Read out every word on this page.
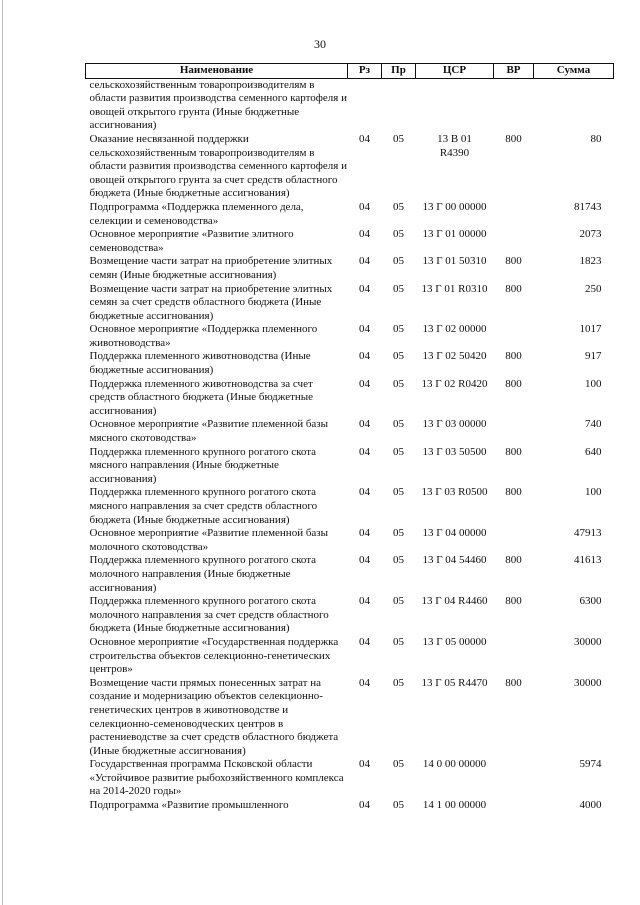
30
Наименование	Рз	Пр	ЦСР	ВР	Сумма
сельскохозяйственным товаропроизводителям в области развития производства семенного картофеля и овощей открытого грунта (Иные бюджетные ассигнования)					
Оказание несвязанной поддержки сельскохозяйственным товаропроизводителям в области развития производства семенного картофеля и овощей открытого грунта за счет средств областного бюджета (Иные бюджетные ассигнования)	04	05	13 В 01 R4390	800	80
Подпрограмма «Поддержка племенного дела, селекции и семеноводства»	04	05	13 Г 00 00000		81743
Основное мероприятие «Развитие элитного семеноводства»	04	05	13 Г 01 00000		2073
Возмещение части затрат на приобретение элитных семян (Иные бюджетные ассигнования)	04	05	13 Г 01 50310	800	1823
Возмещение части затрат на приобретение элитных семян за счет средств областного бюджета (Иные бюджетные ассигнования)	04	05	13 Г 01 R0310	800	250
Основное мероприятие «Поддержка племенного животноводства»	04	05	13 Г 02 00000		1017
Поддержка племенного животноводства (Иные бюджетные ассигнования)	04	05	13 Г 02 50420	800	917
Поддержка племенного животноводства за счет средств областного бюджета (Иные бюджетные ассигнования)	04	05	13 Г 02 R0420	800	100
Основное мероприятие «Развитие племенной базы мясного скотоводства»	04	05	13 Г 03 00000		740
Поддержка племенного крупного рогатого скота мясного направления (Иные бюджетные ассигнования)	04	05	13 Г 03 50500	800	640
Поддержка племенного крупного рогатого скота мясного направления за счет средств областного бюджета (Иные бюджетные ассигнования)	04	05	13 Г 03 R0500	800	100
Основное мероприятие «Развитие племенной базы молочного скотоводства»	04	05	13 Г 04 00000		47913
Поддержка племенного крупного рогатого скота молочного направления (Иные бюджетные ассигнования)	04	05	13 Г 04 54460	800	41613
Поддержка племенного крупного рогатого скота молочного направления за счет средств областного бюджета (Иные бюджетные ассигнования)	04	05	13 Г 04 R4460	800	6300
Основное мероприятие «Государственная поддержка строительства объектов селекционно-генетических центров»	04	05	13 Г 05 00000		30000
Возмещение части прямых понесенных затрат на создание и модернизацию объектов селекционно-генетических центров в животноводстве и селекционно-семеноводческих центров в растениеводстве за счет средств областного бюджета (Иные бюджетные ассигнования)	04	05	13 Г 05 R4470	800	30000
Государственная программа Псковской области «Устойчивое развитие рыбохозяйственного комплекса на 2014-2020 годы»	04	05	14 0 00 00000		5974
Подпрограмма «Развитие промышленного	04	05	14 1 00 00000		4000
